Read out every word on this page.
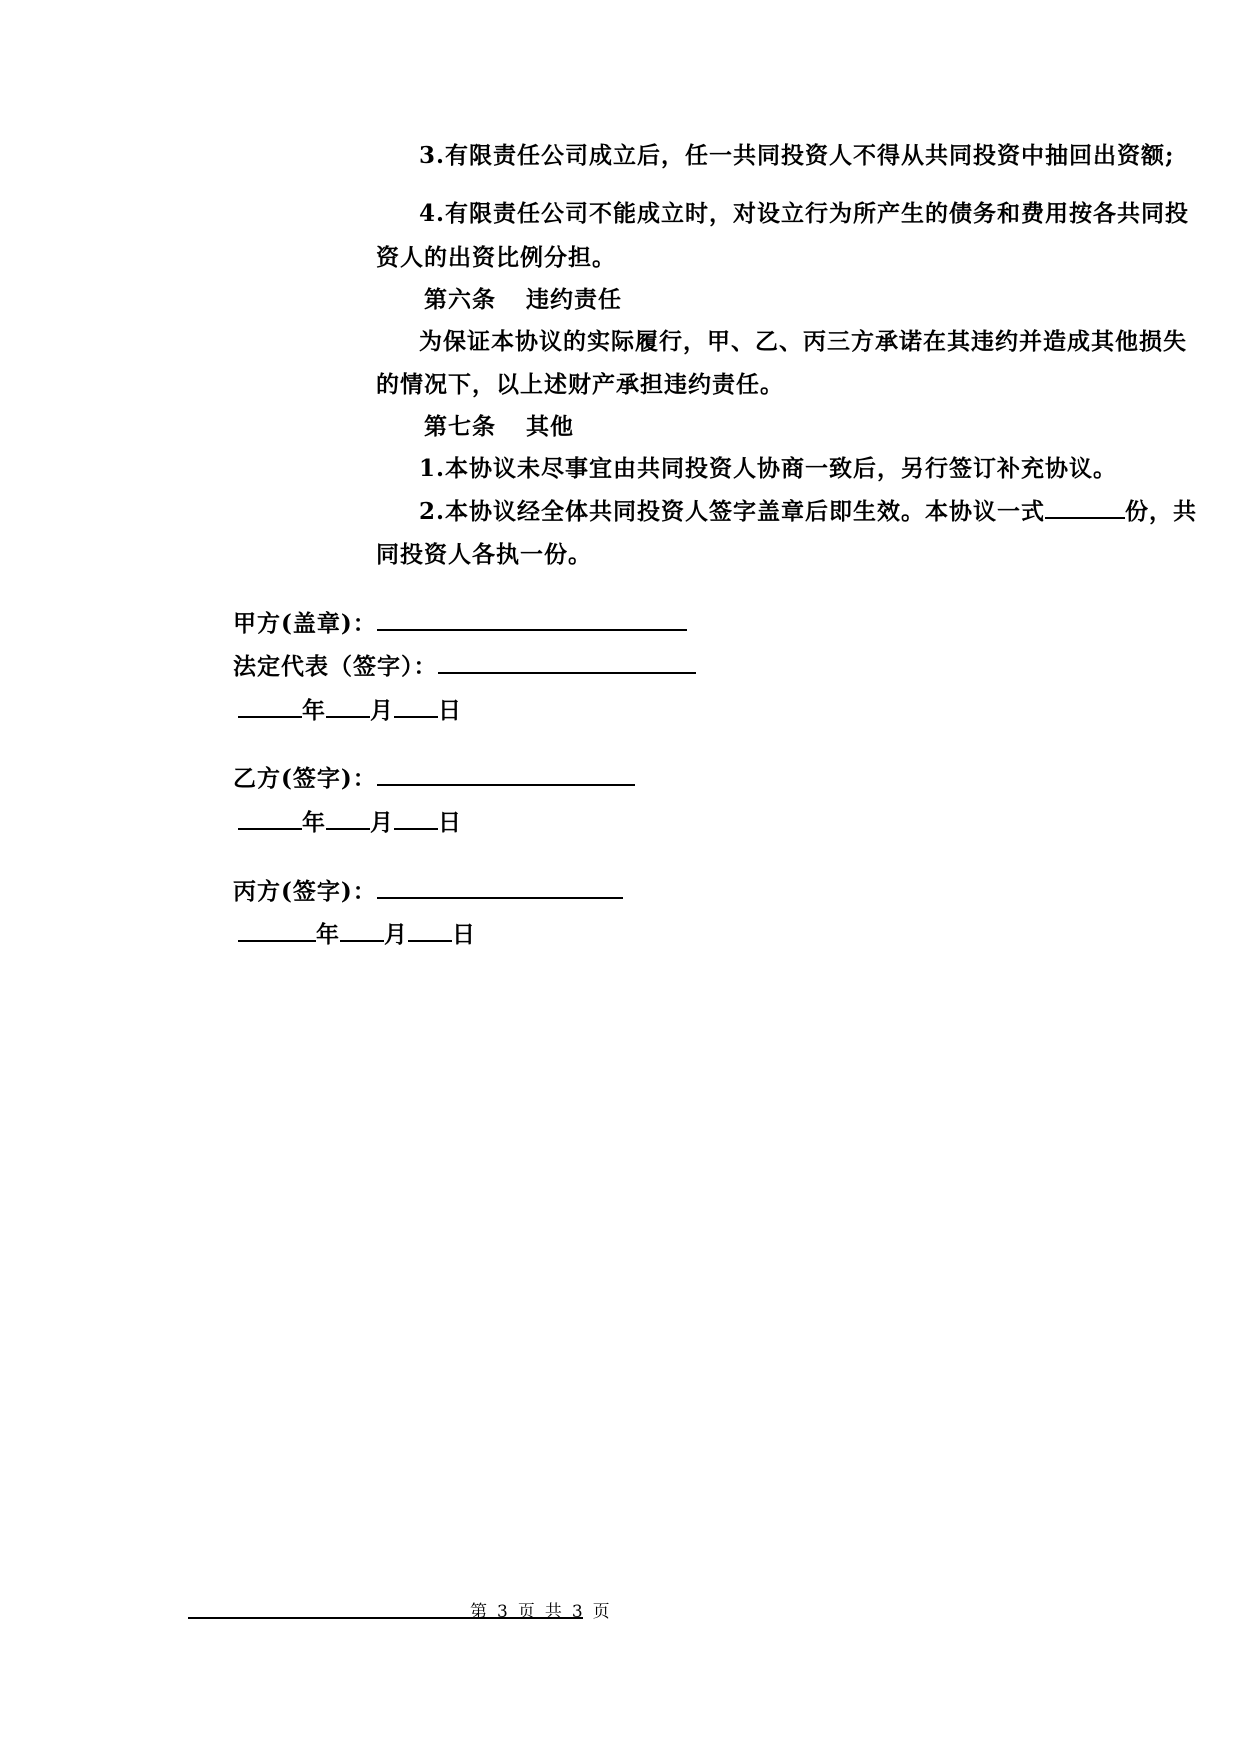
3.有限责任公司成立后，任一共同投资人不得从共同投资中抽回出资额;
4.有限责任公司不能成立时，对设立行为所产生的债务和费用按各共同投
资人的出资比例分担。
第六条 违约责任
为保证本协议的实际履行，甲、乙、丙三方承诺在其违约并造成其他损失
的情况下，以上述财产承担违约责任。
第七条 其他
1.本协议未尽事宜由共同投资人协商一致后，另行签订补充协议。
2.本协议经全体共同投资人签字盖章后即生效。本协议一式	份，共
同投资人各执一份。
甲方(盖章)：
法定代表（签字）：
年 月 日
乙方(签字)：
年 月 日
丙方(签字)：
年 月 日
第 3 页 共 3 页
